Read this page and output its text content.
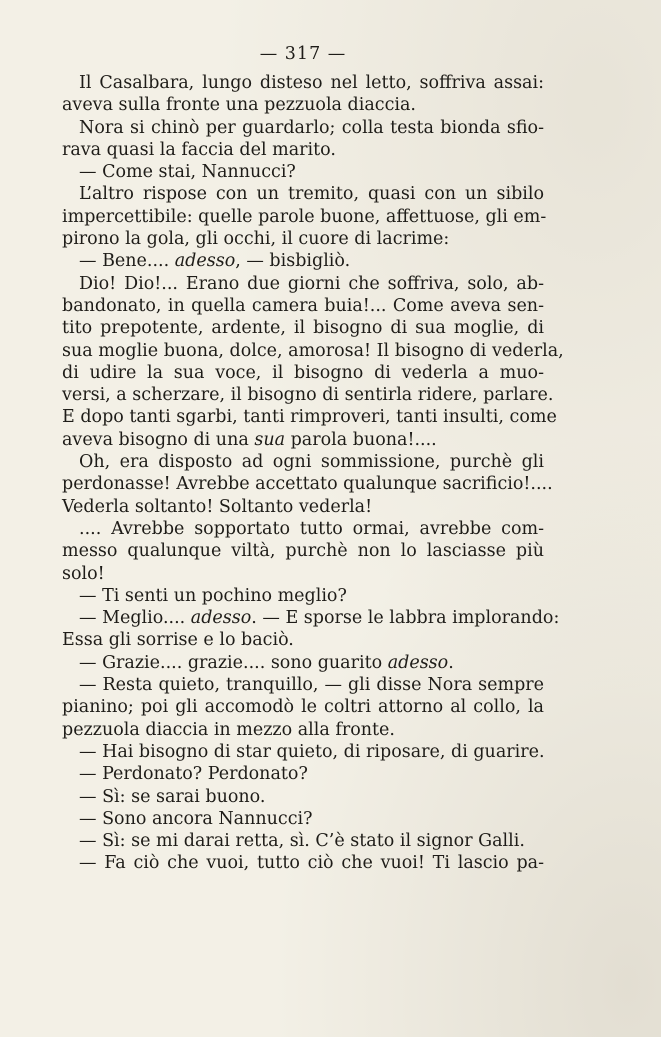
— 317 —
Il Casalbara, lungo disteso nel letto, soffriva assai:
aveva sulla fronte una pezzuola diaccia.
Nora si chinò per guardarlo; colla testa bionda sfio-
rava quasi la faccia del marito.
— Come stai, Nannucci?
L’altro rispose con un tremito, quasi con un sibilo
impercettibile: quelle parole buone, affettuose, gli em-
pirono la gola, gli occhi, il cuore di lacrime:
— Bene.... adesso, — bisbigliò.
Dio! Dio!... Erano due giorni che soffriva, solo, ab-
bandonato, in quella camera buia!... Come aveva sen-
tito prepotente, ardente, il bisogno di sua moglie, di
sua moglie buona, dolce, amorosa! Il bisogno di vederla,
di udire la sua voce, il bisogno di vederla a muo-
versi, a scherzare, il bisogno di sentirla ridere, parlare.
E dopo tanti sgarbi, tanti rimproveri, tanti insulti, come
aveva bisogno di una sua parola buona!....
Oh, era disposto ad ogni sommissione, purchè gli
perdonasse! Avrebbe accettato qualunque sacrificio!....
Vederla soltanto! Soltanto vederla!
.... Avrebbe sopportato tutto ormai, avrebbe com-
messo qualunque viltà, purchè non lo lasciasse più
solo!
— Ti senti un pochino meglio?
— Meglio.... adesso. — E sporse le labbra implorando:
Essa gli sorrise e lo baciò.
— Grazie.... grazie.... sono guarito adesso.
— Resta quieto, tranquillo, — gli disse Nora sempre
pianino; poi gli accomodò le coltri attorno al collo, la
pezzuola diaccia in mezzo alla fronte.
— Hai bisogno di star quieto, di riposare, di guarire.
— Perdonato? Perdonato?
— Sì: se sarai buono.
— Sono ancora Nannucci?
— Sì: se mi darai retta, sì. C’è stato il signor Galli.
— Fa ciò che vuoi, tutto ciò che vuoi! Ti lascio pa-
